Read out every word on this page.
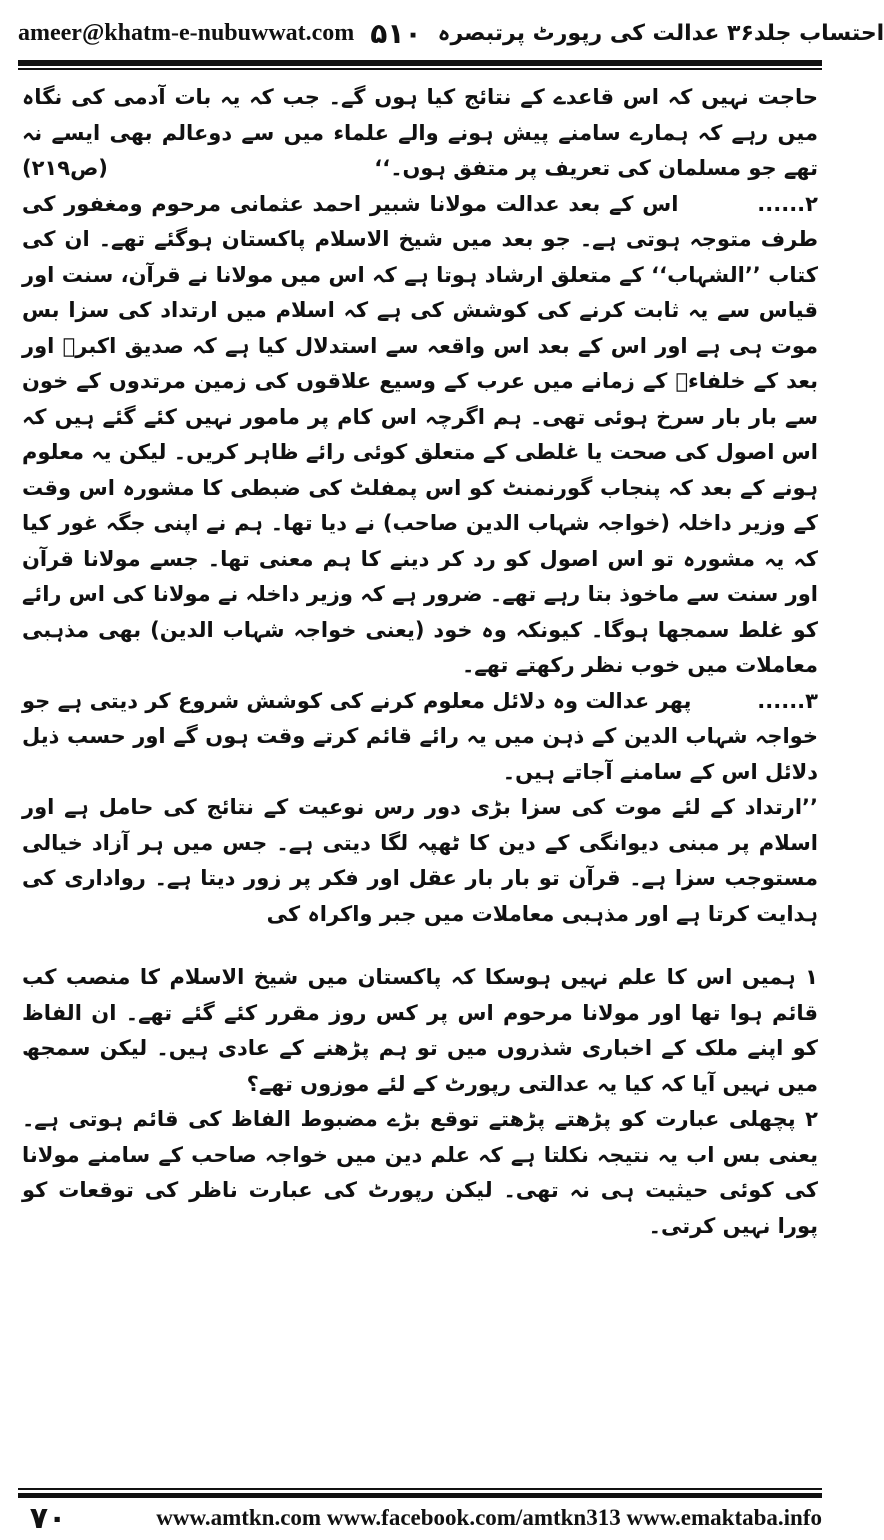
ameer@khatm-e-nubuwwat.com ۵۱۰ احتساب جلد۳۶ عدالت کی رپورٹ پرتبصرہ

حاجت نہیں کہ اس قاعدے کے نتائج کیا ہوں گے۔ جب کہ یہ بات آدمی کی نگاہ میں رہے کہ ہمارے سامنے پیش ہونے والے علماء میں سے دوعالم بھی ایسے نہ تھے جو مسلمان کی تعریف پر متفق ہوں۔‘‘
(ص۲۱۹)

۲......         اس کے بعد عدالت مولانا شبیر احمد عثمانی مرحوم ومغفور کی طرف متوجہ ہوتی ہے۔ جو بعد میں شیخ الاسلام پاکستان ہوگئے تھے۔ ان کی کتاب ’’الشہاب‘‘ کے متعلق ارشاد ہوتا ہے کہ اس میں مولانا نے قرآن، سنت اور قیاس سے یہ ثابت کرنے کی کوشش کی ہے کہ اسلام میں ارتداد کی سزا بس موت ہی ہے اور اس کے بعد اس واقعہ سے استدلال کیا ہے کہ صدیق اکبرؓ اور بعد کے خلفاءؓ کے زمانے میں عرب کے وسیع علاقوں کی زمین مرتدوں کے خون سے بار بار سرخ ہوئی تھی۔ ہم اگرچہ اس کام پر مامور نہیں کئے گئے ہیں کہ اس اصول کی صحت یا غلطی کے متعلق کوئی رائے ظاہر کریں۔ لیکن یہ معلوم ہونے کے بعد کہ پنجاب گورنمنٹ کو اس پمفلٹ کی ضبطی کا مشورہ اس وقت کے وزیر داخلہ (خواجہ شہاب الدین صاحب) نے دیا تھا۔ ہم نے اپنی جگہ غور کیا کہ یہ مشورہ تو اس اصول کو رد کر دینے کا ہم معنی تھا۔ جسے مولانا قرآن اور سنت سے ماخوذ بتا رہے تھے۔ ضرور ہے کہ وزیر داخلہ نے مولانا کی اس رائے کو غلط سمجھا ہوگا۔ کیونکہ وہ خود (یعنی خواجہ شہاب الدین) بھی مذہبی معاملات میں خوب نظر رکھتے تھے۔

۳......         پھر عدالت وہ دلائل معلوم کرنے کی کوشش شروع کر دیتی ہے جو خواجہ شہاب الدین کے ذہن میں یہ رائے قائم کرتے وقت ہوں گے اور حسب ذیل دلائل اس کے سامنے آجاتے ہیں۔

’’ارتداد کے لئے موت کی سزا بڑی دور رس نوعیت کے نتائج کی حامل ہے اور اسلام پر مبنی دیوانگی کے دین کا ٹھپہ لگا دیتی ہے۔ جس میں ہر آزاد خیالی مستوجب سزا ہے۔ قرآن تو بار بار عقل اور فکر پر زور دیتا ہے۔ رواداری کی ہدایت کرتا ہے اور مذہبی معاملات میں جبر واکراہ کی

۱ ہمیں اس کا علم نہیں ہوسکا کہ پاکستان میں شیخ الاسلام کا منصب کب قائم ہوا تھا اور مولانا مرحوم اس پر کس روز مقرر کئے گئے تھے۔ ان الفاظ کو اپنے ملک کے اخباری شذروں میں تو ہم پڑھنے کے عادی ہیں۔ لیکن سمجھ میں نہیں آیا کہ کیا یہ عدالتی رپورٹ کے لئے موزوں تھے؟

۲ پچھلی عبارت کو پڑھتے پڑھتے توقع بڑے مضبوط الفاظ کی قائم ہوتی ہے۔ یعنی بس اب یہ نتیجہ نکلتا ہے کہ علم دین میں خواجہ صاحب کے سامنے مولانا کی کوئی حیثیت ہی نہ تھی۔ لیکن رپورٹ کی عبارت ناظر کی توقعات کو پورا نہیں کرتی۔

۷۰	www.amtkn.com www.facebook.com/amtkn313 www.emaktaba.info
